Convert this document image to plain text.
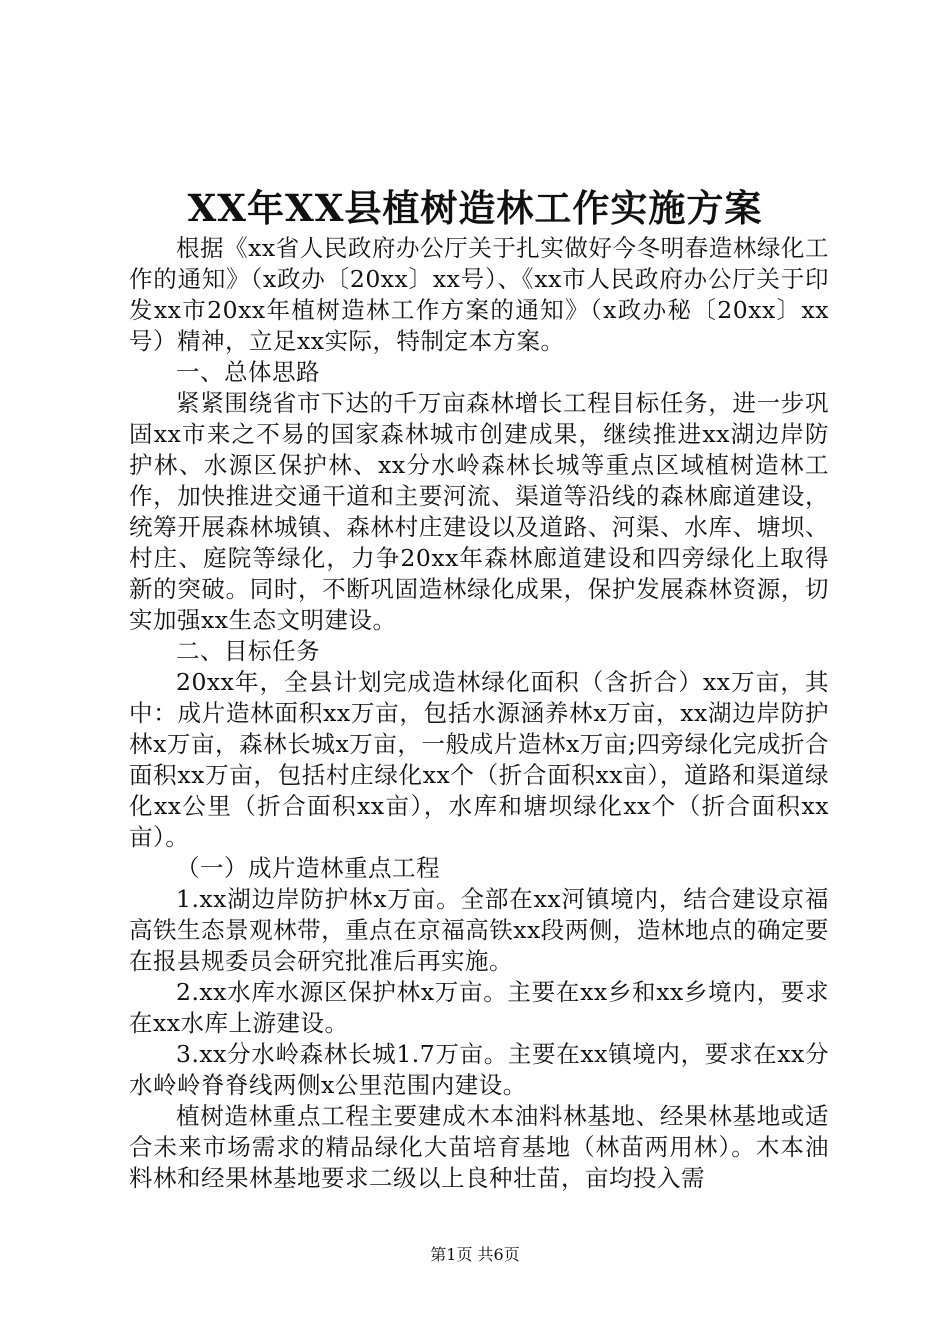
XX年XX县植树造林工作实施方案

根据《xx省人民政府办公厅关于扎实做好今冬明春造林绿化工作的通知》（x政办〔20xx〕xx号）、《xx市人民政府办公厅关于印发xx市20xx年植树造林工作方案的通知》（x政办秘〔20xx〕xx号）精神，立足xx实际，特制定本方案。

一、总体思路

紧紧围绕省市下达的千万亩森林增长工程目标任务，进一步巩固xx市来之不易的国家森林城市创建成果，继续推进xx湖边岸防护林、水源区保护林、xx分水岭森林长城等重点区域植树造林工作，加快推进交通干道和主要河流、渠道等沿线的森林廊道建设，统筹开展森林城镇、森林村庄建设以及道路、河渠、水库、塘坝、村庄、庭院等绿化，力争20xx年森林廊道建设和四旁绿化上取得新的突破。同时，不断巩固造林绿化成果，保护发展森林资源，切实加强xx生态文明建设。

二、目标任务

20xx年，全县计划完成造林绿化面积（含折合）xx万亩，其中：成片造林面积xx万亩，包括水源涵养林x万亩，xx湖边岸防护林x万亩，森林长城x万亩，一般成片造林x万亩;四旁绿化完成折合面积xx万亩，包括村庄绿化xx个（折合面积xx亩），道路和渠道绿化xx公里（折合面积xx亩），水库和塘坝绿化xx个（折合面积xx亩）。

（一）成片造林重点工程

1.xx湖边岸防护林x万亩。全部在xx河镇境内，结合建设京福高铁生态景观林带，重点在京福高铁xx段两侧，造林地点的确定要在报县规委员会研究批准后再实施。

2.xx水库水源区保护林x万亩。主要在xx乡和xx乡境内，要求在xx水库上游建设。

3.xx分水岭森林长城1.7万亩。主要在xx镇境内，要求在xx分水岭岭脊脊线两侧x公里范围内建设。

植树造林重点工程主要建成木本油料林基地、经果林基地或适合未来市场需求的精品绿化大苗培育基地（林苗两用林）。木本油料林和经果林基地要求二级以上良种壮苗，亩均投入需

第1页 共6页
